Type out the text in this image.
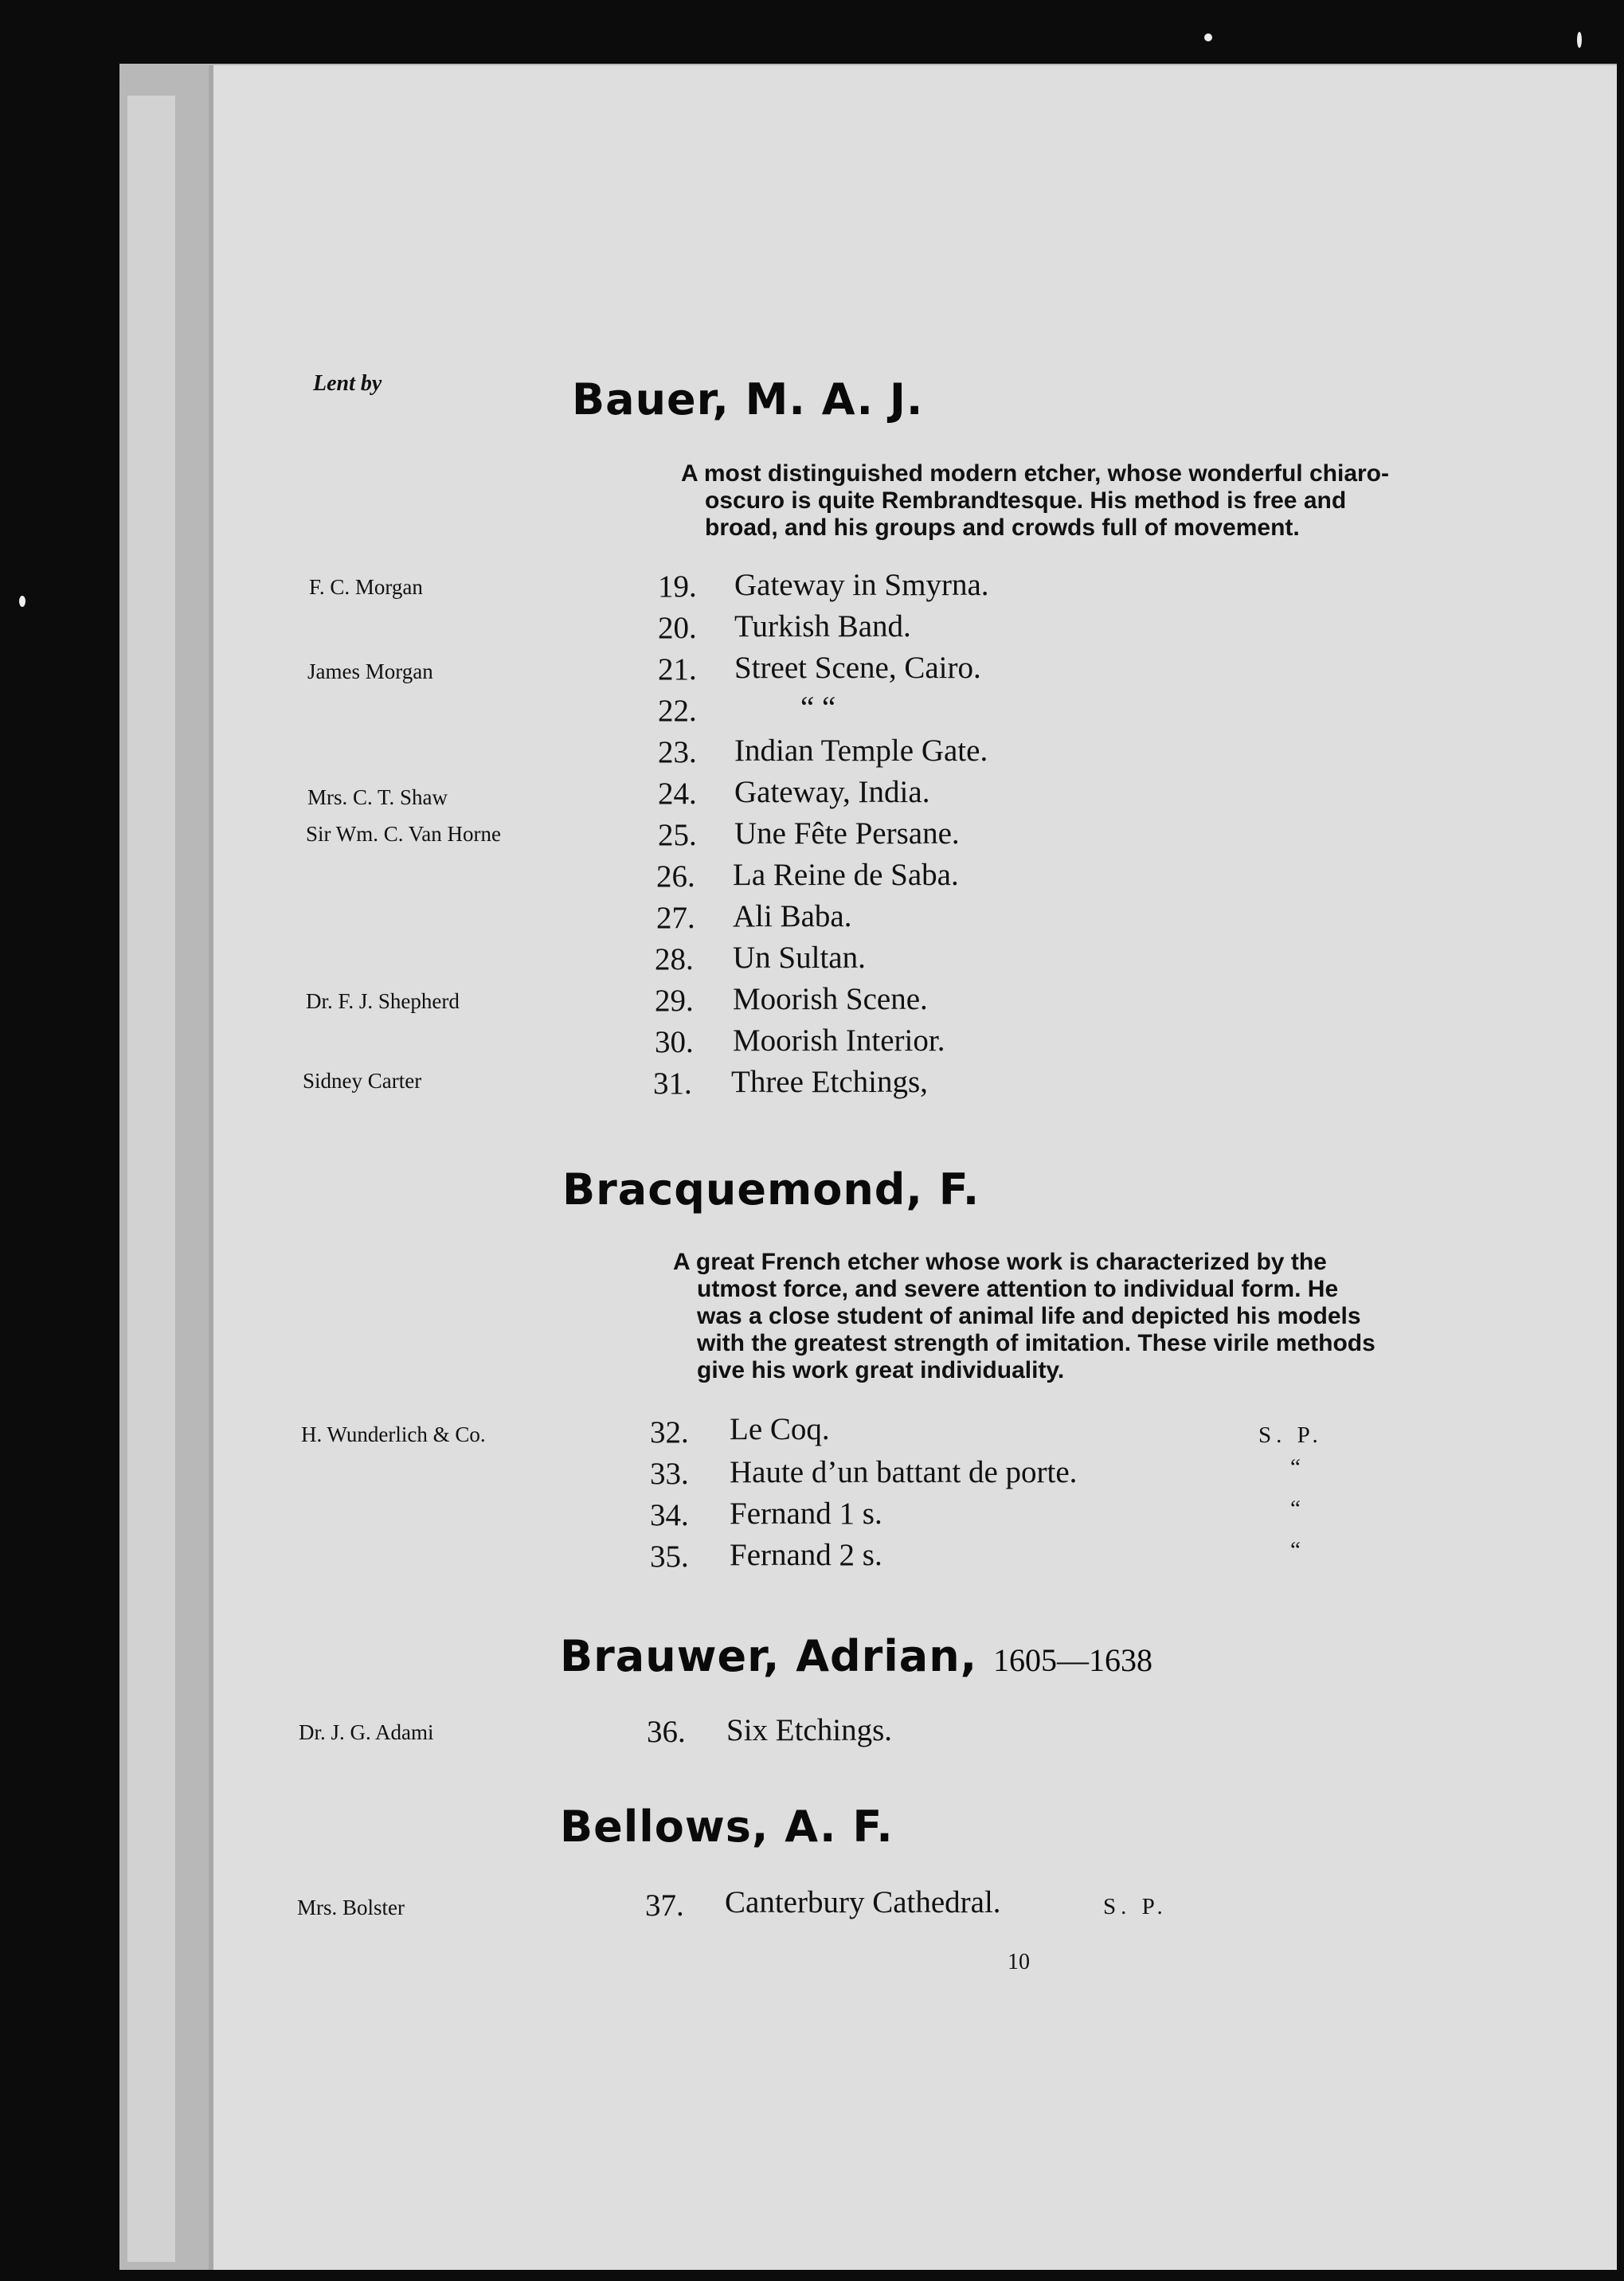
Lent by	Bauer, M. A. J.

A most distinguished modern etcher, whose wonderful chiaro-

oscuro is quite Rembrandtesque. His method is free and

broad, and his groups and crowds full of movement.

F. C. Morgan	19. Gateway in Smyrna.
20. Turkish Band.
James Morgan	21. Street Scene, Cairo.
22.	“ “
23. Indian Temple Gate.
Mrs. C. T. Shaw	24. Gateway, India.
Sir Wm. C. Van Horne	25. Une Fête Persane.
26. La Reine de Saba.
27. Ali Baba.
28. Un Sultan.
Dr. F. J. Shepherd	29. Moorish Scene.
30. Moorish Interior.
Sidney Carter	31. Three Etchings,
Bracquemond, F.

A great French etcher whose work is characterized by the

utmost force, and severe attention to individual form. He

was a close student of animal life and depicted his models

with the greatest strength of imitation. These virile methods

give his work great individuality.

H. Wunderlich & Co.	32. Le Coq.	S. P.
33. Haute d’un battant de porte.	“
34. Fernand 1 s.	“
35. Fernand 2 s.	“
Brauwer, Adrian, 1605—1638
Dr. J. G. Adami	36. Six Etchings.
Bellows, A. F.
Mrs. Bolster	37. Canterbury Cathedral.	S. P.
10
